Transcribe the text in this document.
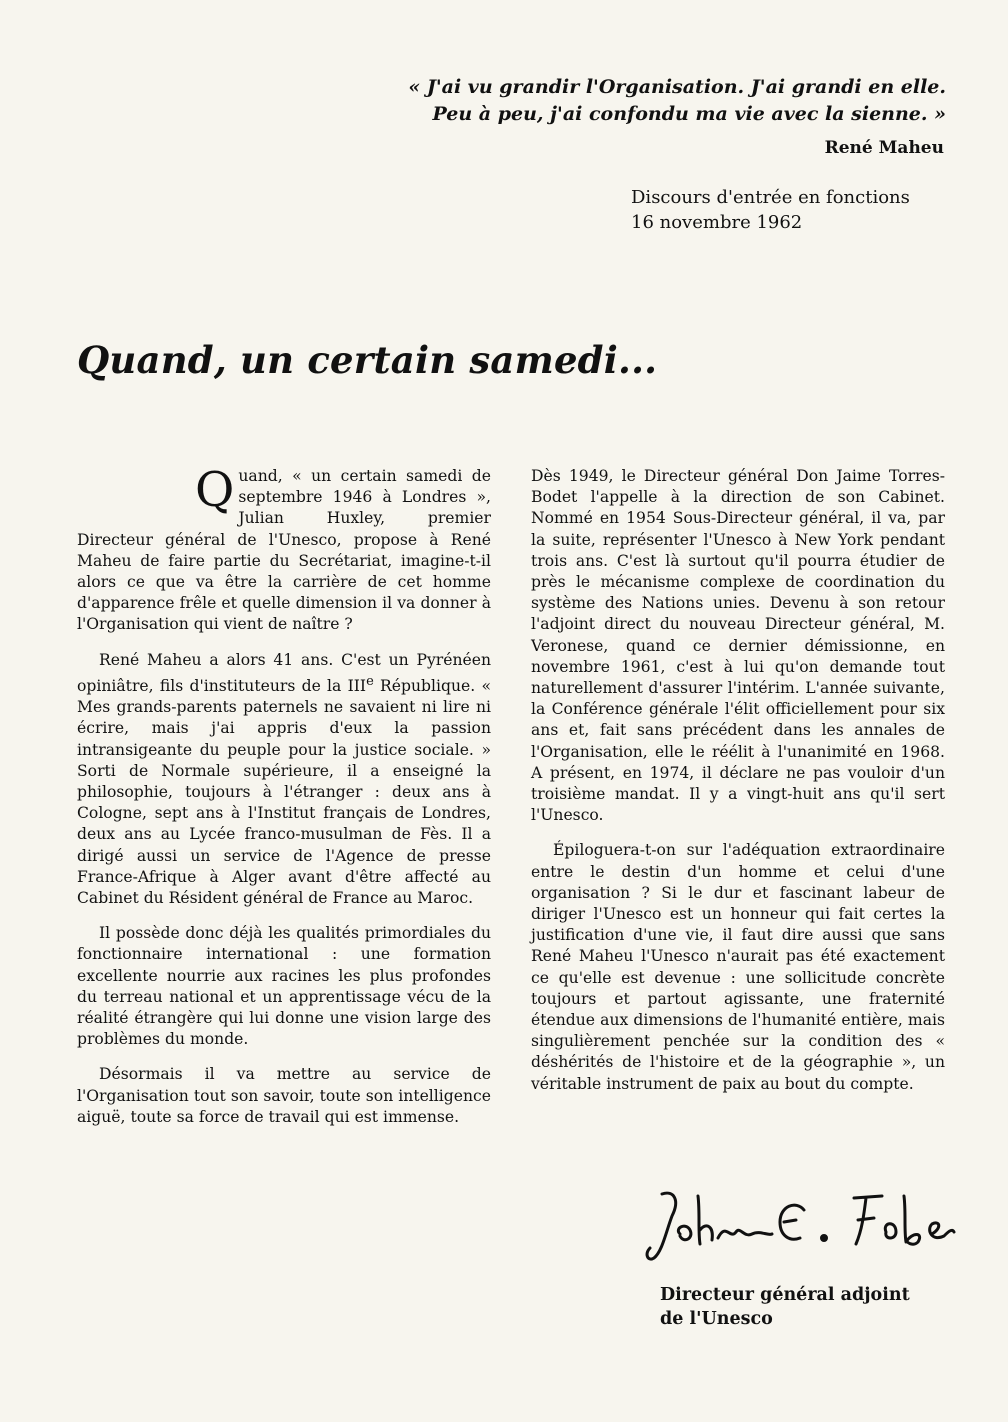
« J'ai vu grandir l'Organisation. J'ai grandi en elle.
Peu à peu, j'ai confondu ma vie avec la sienne. »
René Maheu
Discours d'entrée en fonctions
16 novembre 1962
Quand, un certain samedi...

Quand, « un certain samedi de septembre 1946 à Londres », Julian Huxley, premier Directeur général de l'Unesco, propose à René Maheu de faire partie du Secrétariat, imagine-t-il alors ce que va être la carrière de cet homme d'apparence frêle et quelle dimension il va donner à l'Organisation qui vient de naître ?

René Maheu a alors 41 ans. C'est un Pyrénéen opiniâtre, fils d'instituteurs de la IIIe République. « Mes grands-parents paternels ne savaient ni lire ni écrire, mais j'ai appris d'eux la passion intransigeante du peuple pour la justice sociale. » Sorti de Normale supérieure, il a enseigné la philosophie, toujours à l'étranger : deux ans à Cologne, sept ans à l'Institut français de Londres, deux ans au Lycée franco-musulman de Fès. Il a dirigé aussi un service de l'Agence de presse France-Afrique à Alger avant d'être affecté au Cabinet du Résident général de France au Maroc.

Il possède donc déjà les qualités primordiales du fonctionnaire international : une formation excellente nourrie aux racines les plus profondes du terreau national et un apprentissage vécu de la réalité étrangère qui lui donne une vision large des problèmes du monde.

Désormais il va mettre au service de l'Organisation tout son savoir, toute son intelligence aiguë, toute sa force de travail qui est immense.

Dès 1949, le Directeur général Don Jaime Torres-Bodet l'appelle à la direction de son Cabinet. Nommé en 1954 Sous-Directeur général, il va, par la suite, représenter l'Unesco à New York pendant trois ans. C'est là surtout qu'il pourra étudier de près le mécanisme complexe de coordination du système des Nations unies. Devenu à son retour l'adjoint direct du nouveau Directeur général, M. Veronese, quand ce dernier démissionne, en novembre 1961, c'est à lui qu'on demande tout naturellement d'assurer l'intérim. L'année suivante, la Conférence générale l'élit officiellement pour six ans et, fait sans précédent dans les annales de l'Organisation, elle le réélit à l'unanimité en 1968. A présent, en 1974, il déclare ne pas vouloir d'un troisième mandat. Il y a vingt-huit ans qu'il sert l'Unesco.

Épiloguera-t-on sur l'adéquation extraordinaire entre le destin d'un homme et celui d'une organisation ? Si le dur et fascinant labeur de diriger l'Unesco est un honneur qui fait certes la justification d'une vie, il faut dire aussi que sans René Maheu l'Unesco n'aurait pas été exactement ce qu'elle est devenue : une sollicitude concrète toujours et partout agissante, une fraternité étendue aux dimensions de l'humanité entière, mais singulièrement penchée sur la condition des « déshérités de l'histoire et de la géographie », un véritable instrument de paix au bout du compte.

Directeur général adjoint
de l'Unesco
